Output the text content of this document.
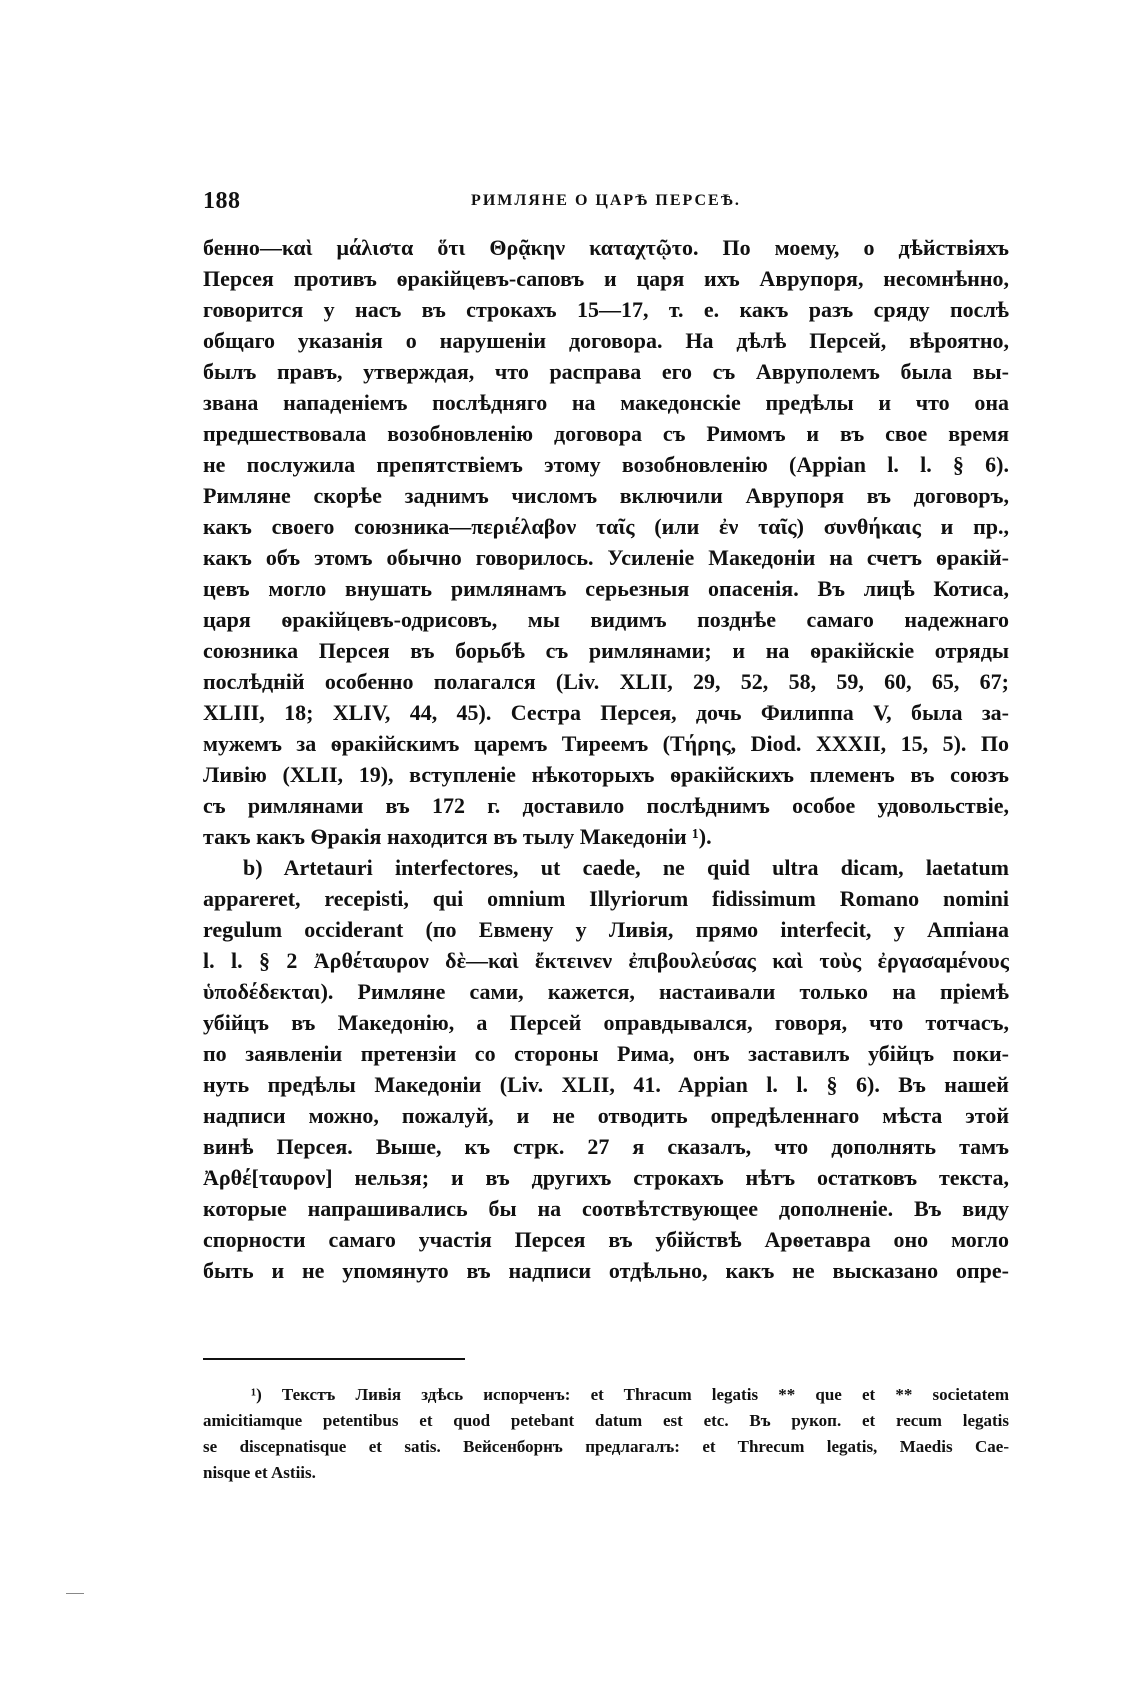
188	РИМЛЯНЕ О ЦАРѢ ПЕРСЕѢ.
бенно—καὶ μάλιστα ὅτι Θρᾷκην καταχτῷτο. По моему, о дѣйствіяхъ
Персея противъ ѳракійцевъ-саповъ и царя ихъ Аврупоря, несомнѣнно,
говорится у насъ въ строкахъ 15—17, т. е. какъ разъ сряду послѣ
общаго указанія о нарушеніи договора. На дѣлѣ Персей, вѣроятно,
былъ правъ, утверждая, что расправа его съ Авруполемъ была вы-
звана нападеніемъ послѣдняго на македонскіе предѣлы и что она
предшествовала возобновленію договора съ Римомъ и въ свое время
не послужила препятствіемъ этому возобновленію (Appian l. l. § 6).
Римляне скорѣе заднимъ числомъ включили Аврупоря въ договоръ,
какъ своего союзника—περιέλαβον ταῖς (или ἐν ταῖς) συνθήκαις и пр.,
какъ объ этомъ обычно говорилось. Усиленіе Македоніи на счетъ ѳракій-
цевъ могло внушать римлянамъ серьезныя опасенія. Въ лицѣ Котиса,
царя ѳракійцевъ-одрисовъ, мы видимъ позднѣе самаго надежнаго
союзника Персея въ борьбѣ съ римлянами; и на ѳракійскіе отряды
послѣдній особенно полагался (Liv. XLII, 29, 52, 58, 59, 60, 65, 67;
XLIII, 18; XLIV, 44, 45). Сестра Персея, дочь Филиппа V, была за-
мужемъ за ѳракійскимъ царемъ Тиреемъ (Τήρης, Diod. XXXII, 15, 5). По
Ливію (XLII, 19), вступленіе нѣкоторыхъ ѳракійскихъ племенъ въ союзъ
съ римлянами въ 172 г. доставило послѣднимъ особое удовольствіе,
такъ какъ Ѳракія находится въ тылу Македоніи ¹).
b) Artetauri interfectores, ut caede, ne quid ultra dicam, laetatum
appareret, recepisti, qui omnium Illyriorum fidissimum Romano nomini
regulum occiderant (по Евмену у Ливія, прямо interfecit, у Аппіана
l. l. § 2 Ἀρθέταυρον δὲ—καὶ ἔκτεινεν ἐπιβουλεύσας καὶ τοὺς ἐργασαμένους
ὑποδέδεκται). Римляне сами, кажется, настаивали только на пріемѣ
убійцъ въ Македонію, а Персей оправдывался, говоря, что тотчасъ,
по заявленіи претензіи со стороны Рима, онъ заставилъ убійцъ поки-
нуть предѣлы Македоніи (Liv. XLII, 41. Appian l. l. § 6). Въ нашей
надписи можно, пожалуй, и не отводить опредѣленнаго мѣста этой
винѣ Персея. Выше, къ стрк. 27 я сказалъ, что дополнять тамъ
Ἀρθέ[ταυρον] нельзя; и въ другихъ строкахъ нѣтъ остатковъ текста,
которые напрашивались бы на соотвѣтствующее дополненіе. Въ виду
спорности самаго участія Персея въ убійствѣ Арѳетавра оно могло
быть и не упомянуто въ надписи отдѣльно, какъ не высказано опре-
¹) Текстъ Ливія здѣсь испорченъ: et Thracum legatis ** que et ** societatem
amicitiamque petentibus et quod petebant datum est etc. Въ рукоп. et recum legatis
se discepnatisque et satis. Вейсенборнъ предлагалъ: et Threcum legatis, Maedis Cae-
nisque et Astiis.
